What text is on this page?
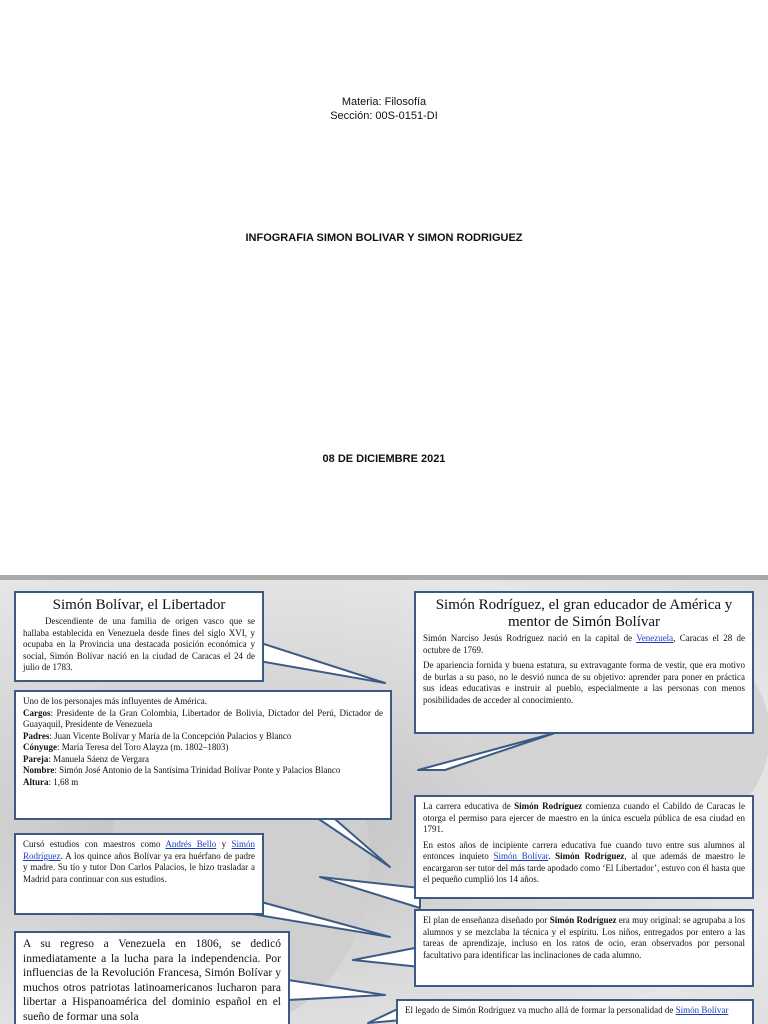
Materia: Filosofía
Sección: 00S-0151-DI
INFOGRAFIA SIMON BOLIVAR Y SIMON RODRIGUEZ
08 DE DICIEMBRE 2021
Simón Bolívar, el Libertador

Descendiente de una familia de origen vasco que se hallaba establecida en Venezuela desde fines del siglo XVI, y ocupaba en la Provincia una destacada posición económica y social, Simón Bolívar nació en la ciudad de Caracas el 24 de julio de 1783.

Uno de los personajes más influyentes de América.
Cargos: Presidente de la Gran Colombia, Libertador de Bolivia, Dictador del Perú, Dictador de Guayaquil, Presidente de Venezuela
Padres: Juan Vicente Bolívar y María de la Concepción Palacios y Blanco
Cónyuge: María Teresa del Toro Alayza (m. 1802–1803)
Pareja: Manuela Sáenz de Vergara
Nombre: Simón José Antonio de la Santísima Trinidad Bolívar Ponte y Palacios Blanco
Altura: 1,68 m

Cursó estudios con maestros como Andrés Bello y Simón Rodríguez. A los quince años Bolívar ya era huérfano de padre y madre. Su tío y tutor Don Carlos Palacios, le hizo trasladar a Madrid para continuar con sus estudios.

A su regreso a Venezuela en 1806, se dedicó inmediatamente a la lucha para la independencia. Por influencias de la Revolución Francesa, Simón Bolívar y muchos otros patriotas latinoamericanos lucharon para libertar a Hispanoamérica del dominio español en el sueño de formar una sola

Simón Rodríguez, el gran educador de América y mentor de Simón Bolívar

Simón Narciso Jesús Rodríguez nació en la capital de Venezuela, Caracas el 28 de octubre de 1769.

De apariencia fornida y buena estatura, su extravagante forma de vestir, que era motivo de burlas a su paso, no le desvió nunca de su objetivo: aprender para poner en práctica sus ideas educativas e instruir al pueblo, especialmente a las personas con menos posibilidades de acceder al conocimiento.

La carrera educativa de Simón Rodríguez comienza cuando el Cabildo de Caracas le otorga el permiso para ejercer de maestro en la única escuela pública de esa ciudad en 1791.

En estos años de incipiente carrera educativa fue cuando tuvo entre sus alumnos al entonces inquieto Simón Bolívar. Simón Rodríguez, al que además de maestro le encargaron ser tutor del más tarde apodado como ‘El Libertador’, estuvo con él hasta que el pequeño cumplió los 14 años.

El plan de enseñanza diseñado por Simón Rodríguez era muy original: se agrupaba a los alumnos y se mezclaba la técnica y el espíritu. Los niños, entregados por entero a las tareas de aprendizaje, incluso en los ratos de ocio, eran observados por personal facultativo para identificar las inclinaciones de cada alumno.

El legado de Simón Rodríguez va mucho allá de formar la personalidad de Simón Bolívar
